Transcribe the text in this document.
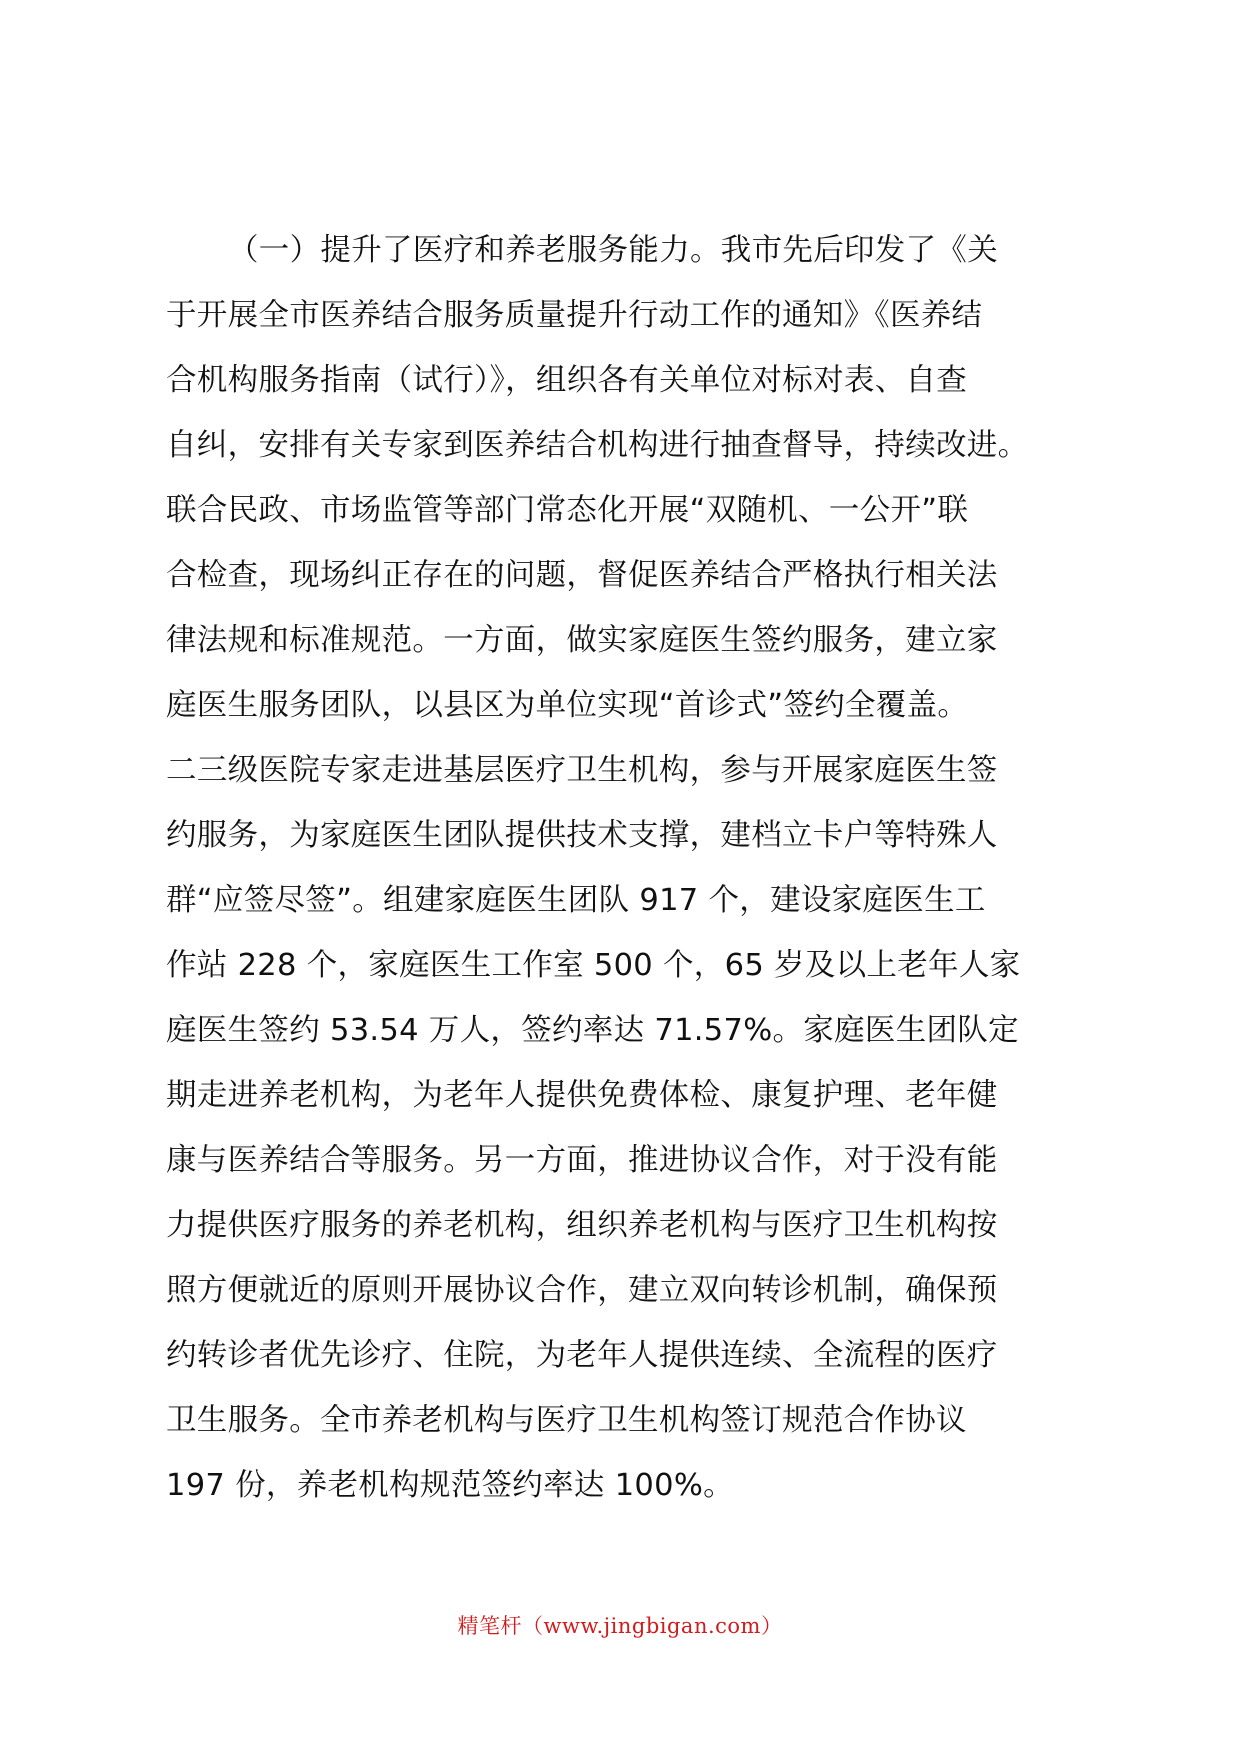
（一）提升了医疗和养老服务能力。我市先后印发了《关
于开展全市医养结合服务质量提升行动工作的通知》《医养结
合机构服务指南（试行）》，组织各有关单位对标对表、自查
自纠，安排有关专家到医养结合机构进行抽查督导，持续改进。
联合民政、市场监管等部门常态化开展“双随机、一公开”联
合检查，现场纠正存在的问题，督促医养结合严格执行相关法
律法规和标准规范。一方面，做实家庭医生签约服务，建立家
庭医生服务团队，以县区为单位实现“首诊式”签约全覆盖。
二三级医院专家走进基层医疗卫生机构，参与开展家庭医生签
约服务，为家庭医生团队提供技术支撑，建档立卡户等特殊人
群“应签尽签”。组建家庭医生团队 917 个，建设家庭医生工
作站 228 个，家庭医生工作室 500 个，65 岁及以上老年人家
庭医生签约 53.54 万人，签约率达 71.57%。家庭医生团队定
期走进养老机构，为老年人提供免费体检、康复护理、老年健
康与医养结合等服务。另一方面，推进协议合作，对于没有能
力提供医疗服务的养老机构，组织养老机构与医疗卫生机构按
照方便就近的原则开展协议合作，建立双向转诊机制，确保预
约转诊者优先诊疗、住院，为老年人提供连续、全流程的医疗
卫生服务。全市养老机构与医疗卫生机构签订规范合作协议
197 份，养老机构规范签约率达 100%。
精笔杆（www.jingbigan.com）
